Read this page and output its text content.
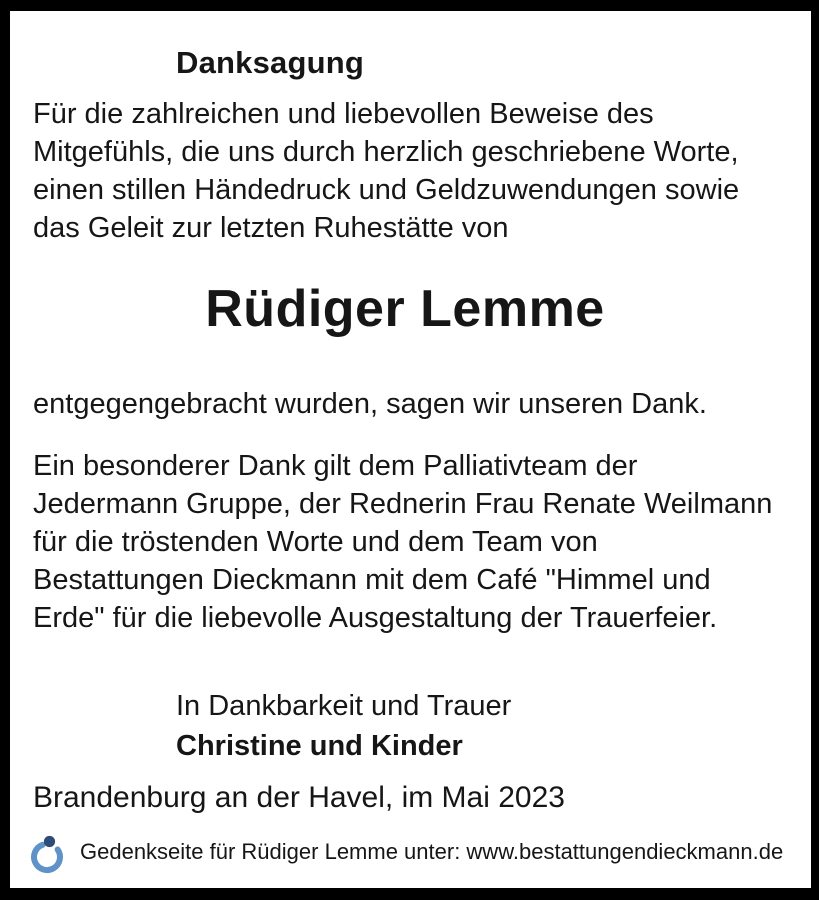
Danksagung
Für die zahlreichen und liebevollen Beweise des
Mitgefühls, die uns durch herzlich geschriebene Worte,
einen stillen Händedruck und Geldzuwendungen sowie
das Geleit zur letzten Ruhestätte von
Rüdiger Lemme
entgegengebracht wurden, sagen wir unseren Dank.
Ein besonderer Dank gilt dem Palliativteam der
Jedermann Gruppe, der Rednerin Frau Renate Weilmann
für die tröstenden Worte und dem Team von
Bestattungen Dieckmann mit dem Café "Himmel und
Erde" für die liebevolle Ausgestaltung der Trauerfeier.
In Dankbarkeit und Trauer
Christine und Kinder
Brandenburg an der Havel, im Mai 2023
Gedenkseite für Rüdiger Lemme unter: www.bestattungendieckmann.de
